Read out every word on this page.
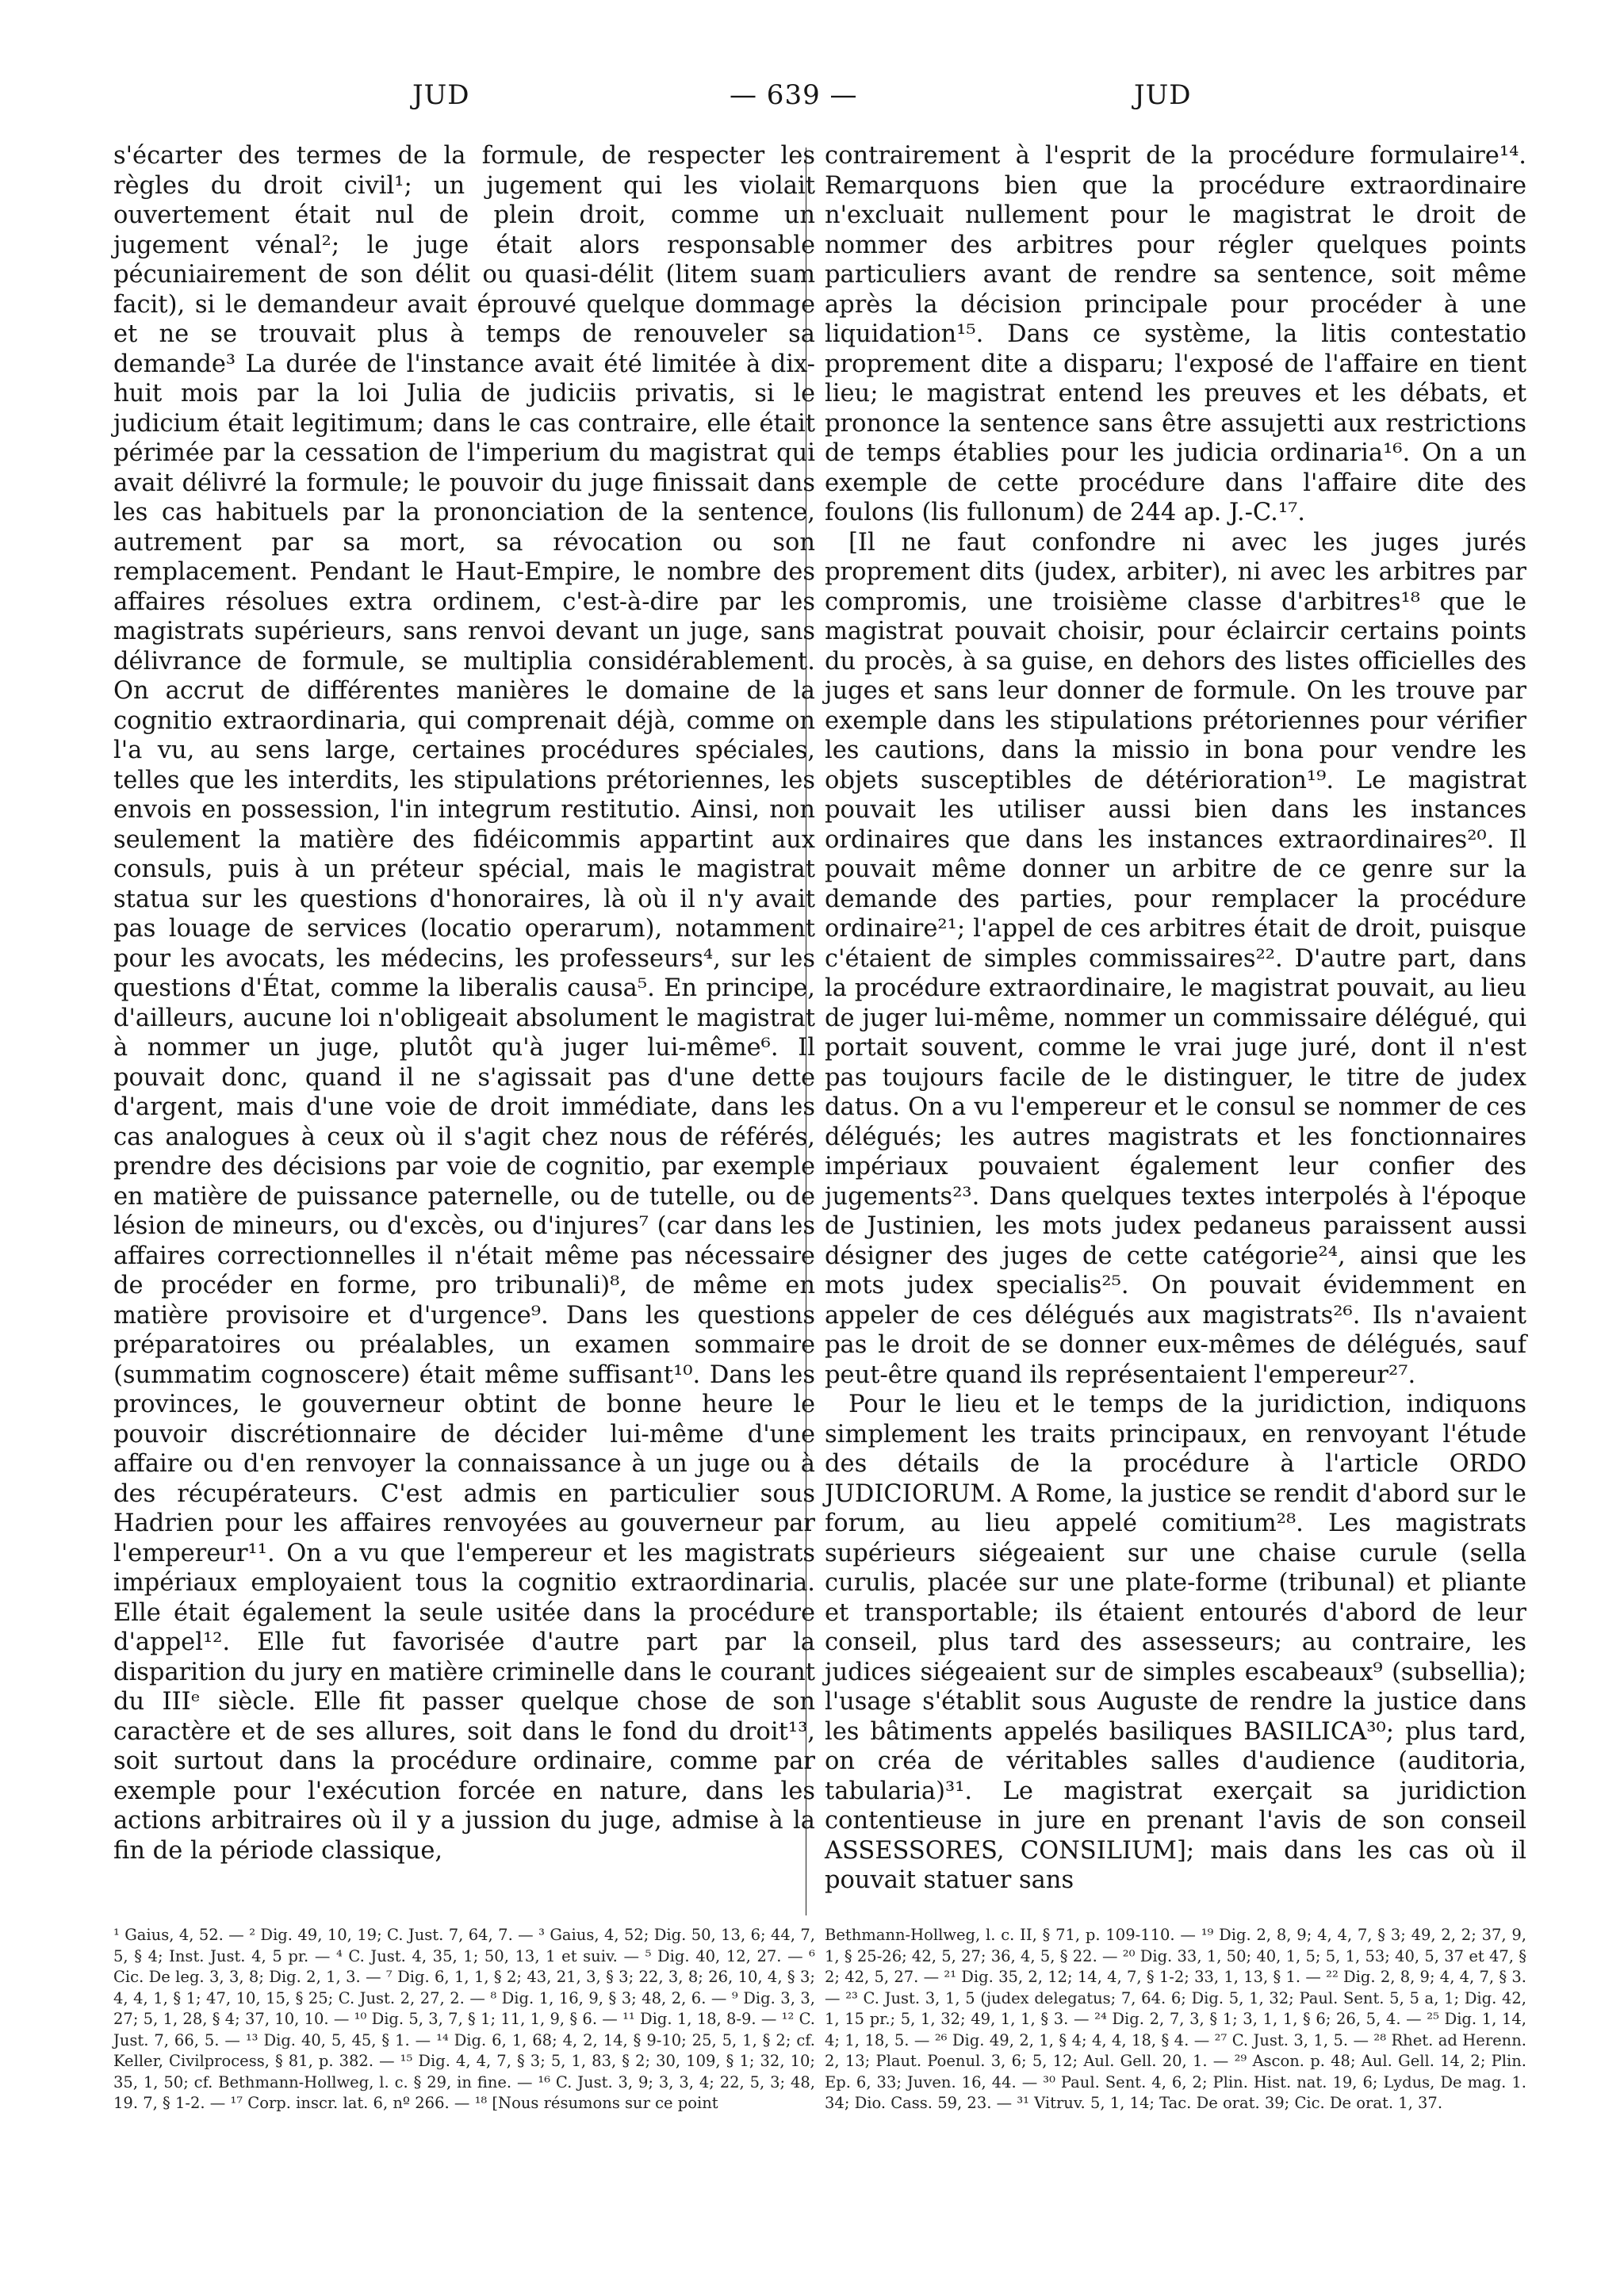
JUD	— 639 —	JUD

s'écarter des termes de la formule, de respecter les règles du droit civil¹; un jugement qui les violait ouvertement était nul de plein droit, comme un jugement vénal²; le juge était alors responsable pécuniairement de son délit ou quasi-délit (litem suam facit), si le demandeur avait éprouvé quelque dommage et ne se trouvait plus à temps de renouveler sa demande³ La durée de l'instance avait été limitée à dix-huit mois par la loi Julia de judiciis privatis, si le judicium était legitimum; dans le cas contraire, elle était périmée par la cessation de l'imperium du magistrat qui avait délivré la formule; le pouvoir du juge finissait dans les cas habituels par la prononciation de la sentence, autrement par sa mort, sa révocation ou son remplacement. Pendant le Haut-Empire, le nombre des affaires résolues extra ordinem, c'est-à-dire par les magistrats supérieurs, sans renvoi devant un juge, sans délivrance de formule, se multiplia considérablement. On accrut de différentes manières le domaine de la cognitio extraordinaria, qui comprenait déjà, comme on l'a vu, au sens large, certaines procédures spéciales, telles que les interdits, les stipulations prétoriennes, les envois en possession, l'in integrum restitutio. Ainsi, non seulement la matière des fidéicommis appartint aux consuls, puis à un préteur spécial, mais le magistrat statua sur les questions d'honoraires, là où il n'y avait pas louage de services (locatio operarum), notamment pour les avocats, les médecins, les professeurs⁴, sur les questions d'État, comme la liberalis causa⁵. En principe, d'ailleurs, aucune loi n'obligeait absolument le magistrat à nommer un juge, plutôt qu'à juger lui-même⁶. Il pouvait donc, quand il ne s'agissait pas d'une dette d'argent, mais d'une voie de droit immédiate, dans les cas analogues à ceux où il s'agit chez nous de référés, prendre des décisions par voie de cognitio, par exemple en matière de puissance paternelle, ou de tutelle, ou de lésion de mineurs, ou d'excès, ou d'injures⁷ (car dans les affaires correctionnelles il n'était même pas nécessaire de procéder en forme, pro tribunali)⁸, de même en matière provisoire et d'urgence⁹. Dans les questions préparatoires ou préalables, un examen sommaire (summatim cognoscere) était même suffisant¹⁰. Dans les provinces, le gouverneur obtint de bonne heure le pouvoir discrétionnaire de décider lui-même d'une affaire ou d'en renvoyer la connaissance à un juge ou à des récupérateurs. C'est admis en particulier sous Hadrien pour les affaires renvoyées au gouverneur par l'empereur¹¹. On a vu que l'empereur et les magistrats impériaux employaient tous la cognitio extraordinaria. Elle était également la seule usitée dans la procédure d'appel¹². Elle fut favorisée d'autre part par la disparition du jury en matière criminelle dans le courant du IIIᵉ siècle. Elle fit passer quelque chose de son caractère et de ses allures, soit dans le fond du droit¹³, soit surtout dans la procédure ordinaire, comme par exemple pour l'exécution forcée en nature, dans les actions arbitraires où il y a jussion du juge, admise à la fin de la période classique,

contrairement à l'esprit de la procédure formulaire¹⁴. Remarquons bien que la procédure extraordinaire n'excluait nullement pour le magistrat le droit de nommer des arbitres pour régler quelques points particuliers avant de rendre sa sentence, soit même après la décision principale pour procéder à une liquidation¹⁵. Dans ce système, la litis contestatio proprement dite a disparu; l'exposé de l'affaire en tient lieu; le magistrat entend les preuves et les débats, et prononce la sentence sans être assujetti aux restrictions de temps établies pour les judicia ordinaria¹⁶. On a un exemple de cette procédure dans l'affaire dite des foulons (lis fullonum) de 244 ap. J.-C.¹⁷.

[Il ne faut confondre ni avec les juges jurés proprement dits (judex, arbiter), ni avec les arbitres par compromis, une troisième classe d'arbitres¹⁸ que le magistrat pouvait choisir, pour éclaircir certains points du procès, à sa guise, en dehors des listes officielles des juges et sans leur donner de formule. On les trouve par exemple dans les stipulations prétoriennes pour vérifier les cautions, dans la missio in bona pour vendre les objets susceptibles de détérioration¹⁹. Le magistrat pouvait les utiliser aussi bien dans les instances ordinaires que dans les instances extraordinaires²⁰. Il pouvait même donner un arbitre de ce genre sur la demande des parties, pour remplacer la procédure ordinaire²¹; l'appel de ces arbitres était de droit, puisque c'étaient de simples commissaires²². D'autre part, dans la procédure extraordinaire, le magistrat pouvait, au lieu de juger lui-même, nommer un commissaire délégué, qui portait souvent, comme le vrai juge juré, dont il n'est pas toujours facile de le distinguer, le titre de judex datus. On a vu l'empereur et le consul se nommer de ces délégués; les autres magistrats et les fonctionnaires impériaux pouvaient également leur confier des jugements²³. Dans quelques textes interpolés à l'époque de Justinien, les mots judex pedaneus paraissent aussi désigner des juges de cette catégorie²⁴, ainsi que les mots judex specialis²⁵. On pouvait évidemment en appeler de ces délégués aux magistrats²⁶. Ils n'avaient pas le droit de se donner eux-mêmes de délégués, sauf peut-être quand ils représentaient l'empereur²⁷.

Pour le lieu et le temps de la juridiction, indiquons simplement les traits principaux, en renvoyant l'étude des détails de la procédure à l'article ORDO JUDICIORUM. A Rome, la justice se rendit d'abord sur le forum, au lieu appelé comitium²⁸. Les magistrats supérieurs siégeaient sur une chaise curule (sella curulis, placée sur une plate-forme (tribunal) et pliante et transportable; ils étaient entourés d'abord de leur conseil, plus tard des assesseurs; au contraire, les judices siégeaient sur de simples escabeaux⁹ (subsellia); l'usage s'établit sous Auguste de rendre la justice dans les bâtiments appelés basiliques BASILICA³⁰; plus tard, on créa de véritables salles d'audience (auditoria, tabularia)³¹. Le magistrat exerçait sa juridiction contentieuse in jure en prenant l'avis de son conseil ASSESSORES, CONSILIUM]; mais dans les cas où il pouvait statuer sans

¹ Gaius, 4, 52. — ² Dig. 49, 10, 19; C. Just. 7, 64, 7. — ³ Gaius, 4, 52; Dig. 50, 13, 6; 44, 7, 5, § 4; Inst. Just. 4, 5 pr. — ⁴ C. Just. 4, 35, 1; 50, 13, 1 et suiv. — ⁵ Dig. 40, 12, 27. — ⁶ Cic. De leg. 3, 3, 8; Dig. 2, 1, 3. — ⁷ Dig. 6, 1, 1, § 2; 43, 21, 3, § 3; 22, 3, 8; 26, 10, 4, § 3; 4, 4, 1, § 1; 47, 10, 15, § 25; C. Just. 2, 27, 2. — ⁸ Dig. 1, 16, 9, § 3; 48, 2, 6. — ⁹ Dig. 3, 3, 27; 5, 1, 28, § 4; 37, 10, 10. — ¹⁰ Dig. 5, 3, 7, § 1; 11, 1, 9, § 6. — ¹¹ Dig. 1, 18, 8-9. — ¹² C. Just. 7, 66, 5. — ¹³ Dig. 40, 5, 45, § 1. — ¹⁴ Dig. 6, 1, 68; 4, 2, 14, § 9-10; 25, 5, 1, § 2; cf. Keller, Civilprocess, § 81, p. 382. — ¹⁵ Dig. 4, 4, 7, § 3; 5, 1, 83, § 2; 30, 109, § 1; 32, 10; 35, 1, 50; cf. Bethmann-Hollweg, l. c. § 29, in fine. — ¹⁶ C. Just. 3, 9; 3, 3, 4; 22, 5, 3; 48, 19. 7, § 1-2. — ¹⁷ Corp. inscr. lat. 6, nº 266. — ¹⁸ [Nous résumons sur ce point
Bethmann-Hollweg, l. c. II, § 71, p. 109-110. — ¹⁹ Dig. 2, 8, 9; 4, 4, 7, § 3; 49, 2, 2; 37, 9, 1, § 25-26; 42, 5, 27; 36, 4, 5, § 22. — ²⁰ Dig. 33, 1, 50; 40, 1, 5; 5, 1, 53; 40, 5, 37 et 47, § 2; 42, 5, 27. — ²¹ Dig. 35, 2, 12; 14, 4, 7, § 1-2; 33, 1, 13, § 1. — ²² Dig. 2, 8, 9; 4, 4, 7, § 3. — ²³ C. Just. 3, 1, 5 (judex delegatus; 7, 64. 6; Dig. 5, 1, 32; Paul. Sent. 5, 5 a, 1; Dig. 42, 1, 15 pr.; 5, 1, 32; 49, 1, 1, § 3. — ²⁴ Dig. 2, 7, 3, § 1; 3, 1, 1, § 6; 26, 5, 4. — ²⁵ Dig. 1, 14, 4; 1, 18, 5. — ²⁶ Dig. 49, 2, 1, § 4; 4, 4, 18, § 4. — ²⁷ C. Just. 3, 1, 5. — ²⁸ Rhet. ad Herenn. 2, 13; Plaut. Poenul. 3, 6; 5, 12; Aul. Gell. 20, 1. — ²⁹ Ascon. p. 48; Aul. Gell. 14, 2; Plin. Ep. 6, 33; Juven. 16, 44. — ³⁰ Paul. Sent. 4, 6, 2; Plin. Hist. nat. 19, 6; Lydus, De mag. 1. 34; Dio. Cass. 59, 23. — ³¹ Vitruv. 5, 1, 14; Tac. De orat. 39; Cic. De orat. 1, 37.
